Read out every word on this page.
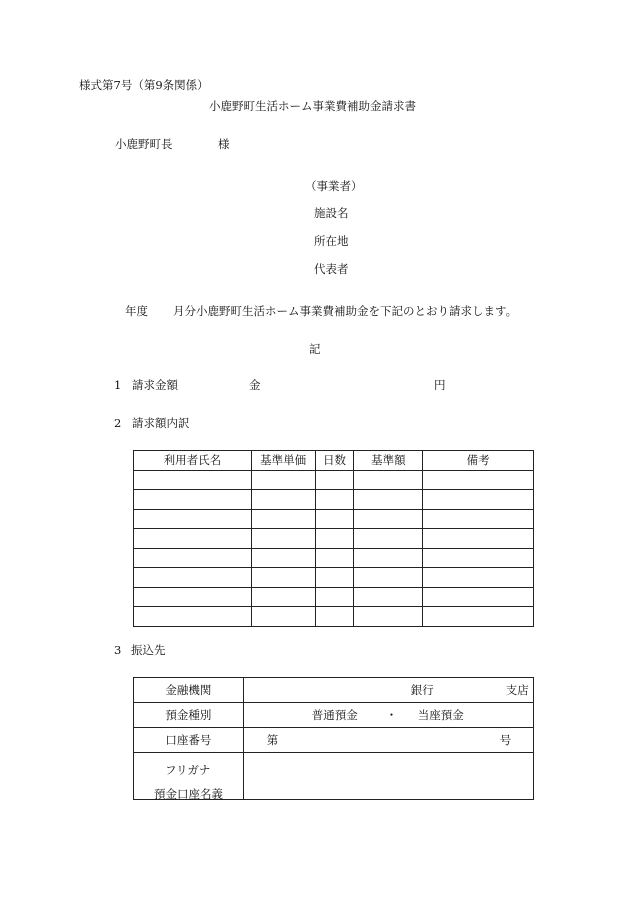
様式第7号（第9条関係）
小鹿野町生活ホーム事業費補助金請求書
小鹿野町長	様
（事業者）
施設名
所在地
代表者
年度 月分小鹿野町生活ホーム事業費補助金を下記のとおり請求します。
記
1 請求金額	金	円
2 請求額内訳
利用者氏名	基準単価	日数	基準額	備考

3 振込先
金融機関	銀行 支店

預金種別	普通預金 ・ 当座預金

口座番号	第 号

フリガナ
預金口座名義	
